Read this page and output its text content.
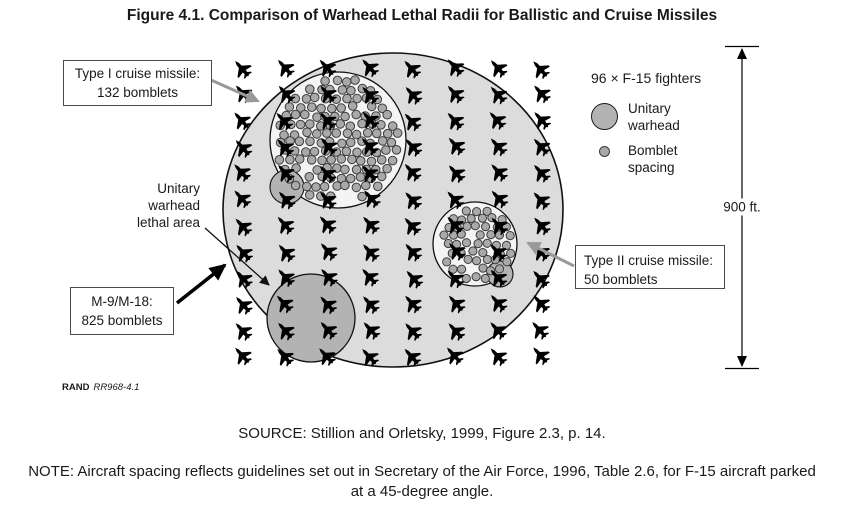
Figure 4.1. Comparison of Warhead Lethal Radii for Ballistic and Cruise Missiles
Type I cruise missile:
132 bomblets
Unitary
warhead
lethal area
M-9/M-18:
825 bomblets
Type II cruise missile:
50 bomblets
96 × F-15 fighters
Unitary
warhead
Bomblet
spacing
900 ft.
RAND RR968-4.1
SOURCE: Stillion and Orletsky, 1999, Figure 2.3, p. 14.
NOTE: Aircraft spacing reflects guidelines set out in Secretary of the Air Force, 1996, Table 2.6, for F-15 aircraft parked at a 45-degree angle.
